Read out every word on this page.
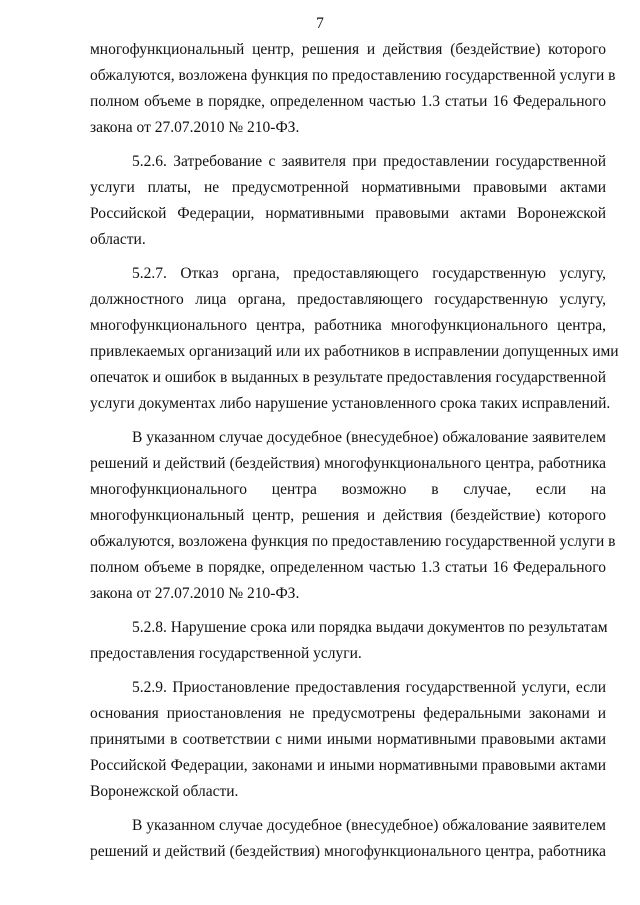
7
многофункциональный центр, решения и действия (бездействие) которого
обжалуются, возложена функция по предоставлению государственной услуги в
полном объеме в порядке, определенном частью 1.3 статьи 16 Федерального
закона от 27.07.2010 № 210-ФЗ.
5.2.6. Затребование с заявителя при предоставлении государственной
услуги платы, не предусмотренной нормативными правовыми актами
Российской Федерации, нормативными правовыми актами Воронежской
области.
5.2.7. Отказ органа, предоставляющего государственную услугу,
должностного лица органа, предоставляющего государственную услугу,
многофункционального центра, работника многофункционального центра,
привлекаемых организаций или их работников в исправлении допущенных ими
опечаток и ошибок в выданных в результате предоставления государственной
услуги документах либо нарушение установленного срока таких исправлений.
В указанном случае досудебное (внесудебное) обжалование заявителем
решений и действий (бездействия) многофункционального центра, работника
многофункционального центра возможно в случае, если на
многофункциональный центр, решения и действия (бездействие) которого
обжалуются, возложена функция по предоставлению государственной услуги в
полном объеме в порядке, определенном частью 1.3 статьи 16 Федерального
закона от 27.07.2010 № 210-ФЗ.
5.2.8. Нарушение срока или порядка выдачи документов по результатам
предоставления государственной услуги.
5.2.9. Приостановление предоставления государственной услуги, если
основания приостановления не предусмотрены федеральными законами и
принятыми в соответствии с ними иными нормативными правовыми актами
Российской Федерации, законами и иными нормативными правовыми актами
Воронежской области.
В указанном случае досудебное (внесудебное) обжалование заявителем
решений и действий (бездействия) многофункционального центра, работника
